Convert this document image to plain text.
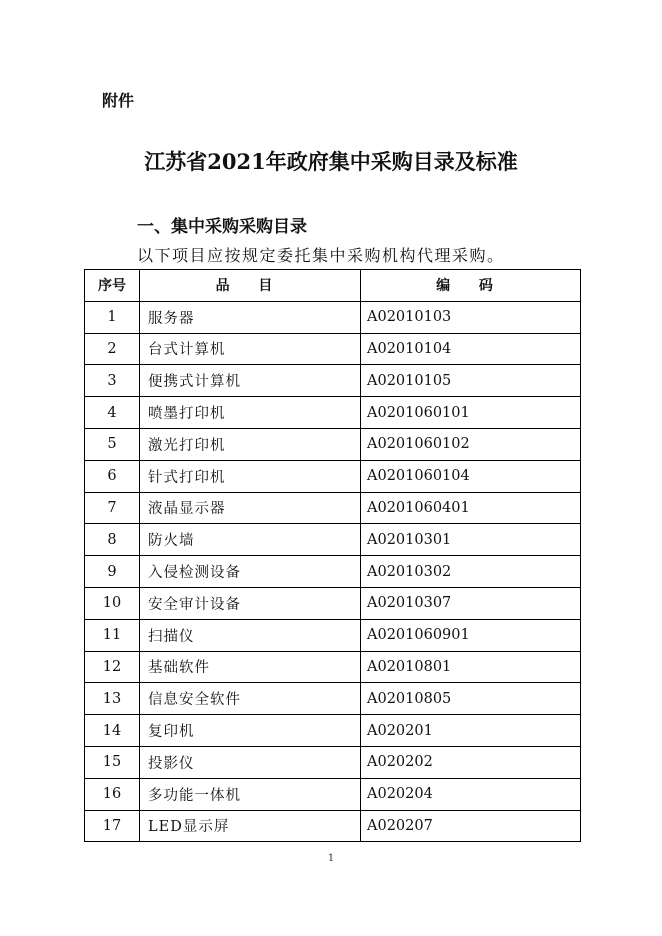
附件
江苏省2021年政府集中采购目录及标准
一、集中采购采购目录
以下项目应按规定委托集中采购机构代理采购。
序号	品 目	编 码
1	服务器	A02010103
2	台式计算机	A02010104
3	便携式计算机	A02010105
4	喷墨打印机	A0201060101
5	激光打印机	A0201060102
6	针式打印机	A0201060104
7	液晶显示器	A0201060401
8	防火墙	A02010301
9	入侵检测设备	A02010302
10	安全审计设备	A02010307
11	扫描仪	A0201060901
12	基础软件	A02010801
13	信息安全软件	A02010805
14	复印机	A020201
15	投影仪	A020202
16	多功能一体机	A020204
17	LED显示屏	A020207
1
